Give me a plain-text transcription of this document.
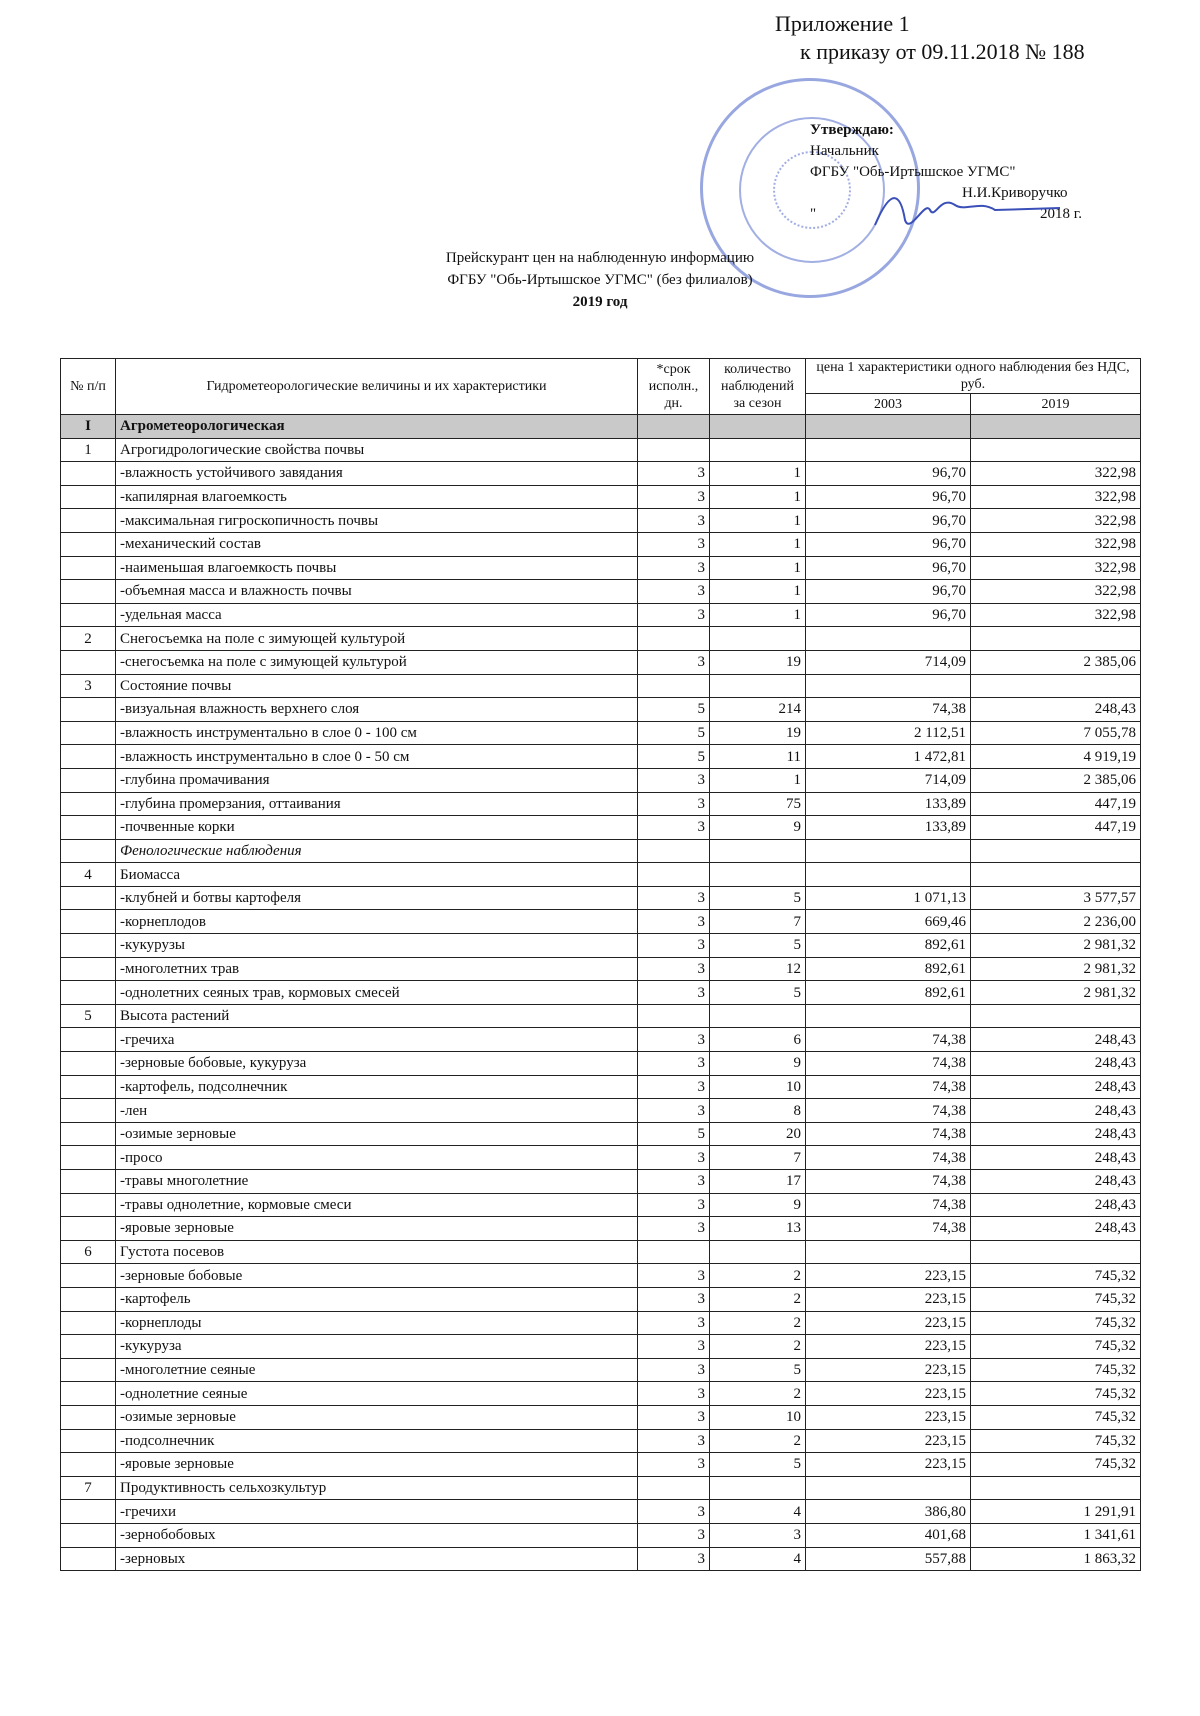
Приложение 1
к приказу от 09.11.2018 № 188
Утверждаю:
Начальник
ФГБУ "Обь-Иртышское УГМС"
Н.И.Криворучко
"	2018 г.
Прейскурант цен на наблюденную информацию
ФГБУ "Обь-Иртышское УГМС" (без филиалов)
2019 год
№ п/п	Гидрометеорологические величины и их характеристики	*срок исполн., дн.	количество наблюдений за сезон	цена 1 характеристики одного наблюдения без НДС, руб.	
				2003	2019
I	Агрометеорологическая				
1	Агрогидрологические свойства почвы				
	-влажность устойчивого завядания	3	1	96,70	322,98
	-капилярная влагоемкость	3	1	96,70	322,98
	-максимальная гигроскопичность почвы	3	1	96,70	322,98
	-механический состав	3	1	96,70	322,98
	-наименьшая влагоемкость почвы	3	1	96,70	322,98
	-объемная масса и влажность почвы	3	1	96,70	322,98
	-удельная масса	3	1	96,70	322,98
2	Снегосъемка на поле с зимующей культурой				
	-снегосъемка на поле с зимующей культурой	3	19	714,09	2 385,06
3	Состояние почвы				
	-визуальная влажность верхнего слоя	5	214	74,38	248,43
	-влажность инструментально в слое 0 - 100 см	5	19	2 112,51	7 055,78
	-влажность инструментально в слое 0 - 50 см	5	11	1 472,81	4 919,19
	-глубина промачивания	3	1	714,09	2 385,06
	-глубина промерзания, оттаивания	3	75	133,89	447,19
	-почвенные корки	3	9	133,89	447,19
	Фенологические наблюдения				
4	Биомасса				
	-клубней и ботвы картофеля	3	5	1 071,13	3 577,57
	-корнеплодов	3	7	669,46	2 236,00
	-кукурузы	3	5	892,61	2 981,32
	-многолетних трав	3	12	892,61	2 981,32
	-однолетних сеяных трав, кормовых смесей	3	5	892,61	2 981,32
5	Высота растений				
	-гречиха	3	6	74,38	248,43
	-зерновые бобовые, кукуруза	3	9	74,38	248,43
	-картофель, подсолнечник	3	10	74,38	248,43
	-лен	3	8	74,38	248,43
	-озимые зерновые	5	20	74,38	248,43
	-просо	3	7	74,38	248,43
	-травы многолетние	3	17	74,38	248,43
	-травы однолетние, кормовые смеси	3	9	74,38	248,43
	-яровые зерновые	3	13	74,38	248,43
6	Густота посевов				
	-зерновые бобовые	3	2	223,15	745,32
	-картофель	3	2	223,15	745,32
	-корнеплоды	3	2	223,15	745,32
	-кукуруза	3	2	223,15	745,32
	-многолетние сеяные	3	5	223,15	745,32
	-однолетние сеяные	3	2	223,15	745,32
	-озимые зерновые	3	10	223,15	745,32
	-подсолнечник	3	2	223,15	745,32
	-яровые зерновые	3	5	223,15	745,32
7	Продуктивность сельхозкультур				
	-гречихи	3	4	386,80	1 291,91
	-зернобобовых	3	3	401,68	1 341,61
	-зерновых	3	4	557,88	1 863,32
